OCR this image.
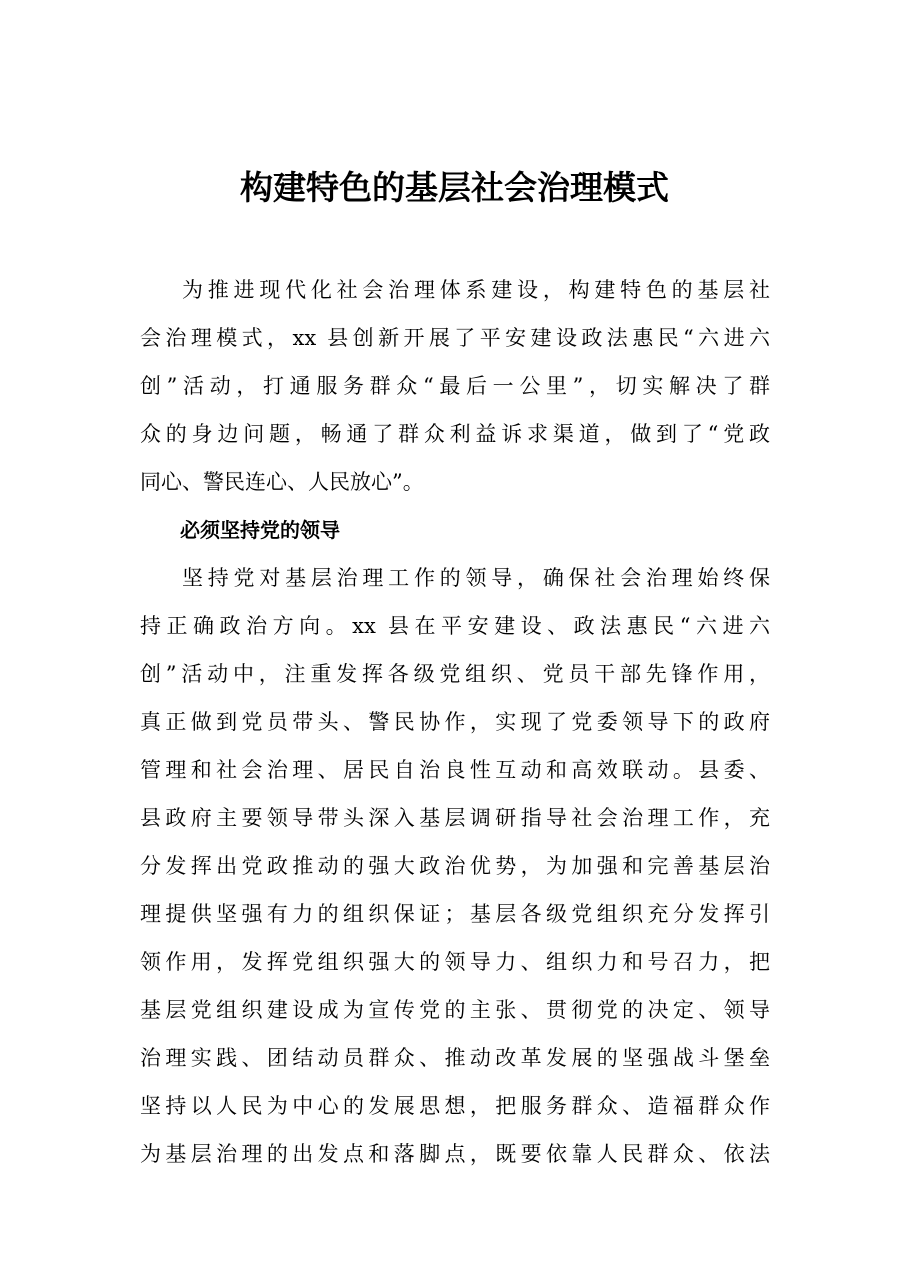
构建特色的基层社会治理模式
为推进现代化社会治理体系建设，构建特色的基层社
会治理模式，xx 县创新开展了平安建设政法惠民“六进六
创”活动，打通服务群众“最后一公里”，切实解决了群
众的身边问题，畅通了群众利益诉求渠道，做到了“党政
同心、警民连心、人民放心”。
必须坚持党的领导
坚持党对基层治理工作的领导，确保社会治理始终保
持正确政治方向。xx 县在平安建设、政法惠民“六进六
创”活动中，注重发挥各级党组织、党员干部先锋作用，
真正做到党员带头、警民协作，实现了党委领导下的政府
管理和社会治理、居民自治良性互动和高效联动。县委、
县政府主要领导带头深入基层调研指导社会治理工作，充
分发挥出党政推动的强大政治优势，为加强和完善基层治
理提供坚强有力的组织保证；基层各级党组织充分发挥引
领作用，发挥党组织强大的领导力、组织力和号召力，把
基层党组织建设成为宣传党的主张、贯彻党的决定、领导
治理实践、团结动员群众、推动改革发展的坚强战斗堡垒
坚持以人民为中心的发展思想，把服务群众、造福群众作
为基层治理的出发点和落脚点，既要依靠人民群众、依法
